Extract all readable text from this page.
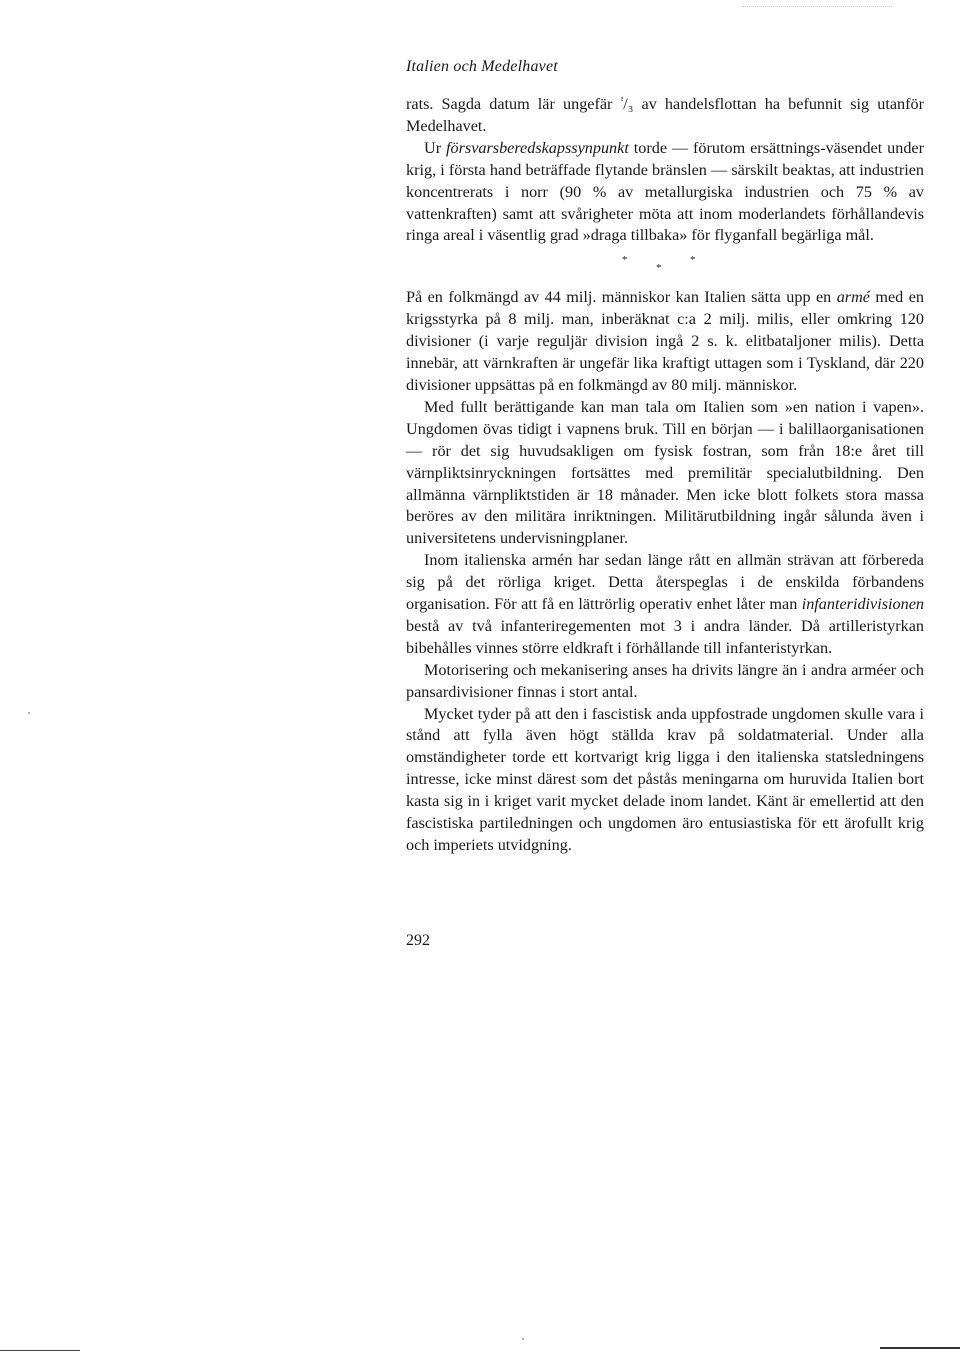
Italien och Medelhavet

rats. Sagda datum lär ungefär $^{^2}$/₃ av handelsflottan ha befunnit sig utanför Medelhavet.

Ur försvarsberedskapssynpunkt torde — förutom ersättnings-väsendet under krig, i första hand beträffade flytande bränslen — särskilt beaktas, att industrien koncentrerats i norr (90 % av metallurgiska industrien och 75 % av vattenkraften) samt att svårigheter möta att inom moderlandets förhållandevis ringa areal i väsentlig grad »draga tillbaka» för flyganfall begärliga mål.

*
*
*

På en folkmängd av 44 milj. människor kan Italien sätta upp en armé med en krigsstyrka på 8 milj. man, inberäknat c:a 2 milj. milis, eller omkring 120 divisioner (i varje reguljär division ingå 2 s. k. elitbataljoner milis). Detta innebär, att värnkraften är ungefär lika kraftigt uttagen som i Tyskland, där 220 divisioner uppsättas på en folkmängd av 80 milj. människor.

Med fullt berättigande kan man tala om Italien som »en nation i vapen». Ungdomen övas tidigt i vapnens bruk. Till en början — i balillaorganisationen — rör det sig huvudsakligen om fysisk fostran, som från 18:e året till värnpliktsinryckningen fortsättes med premilitär specialutbildning. Den allmänna värnpliktstiden är 18 månader. Men icke blott folkets stora massa beröres av den militära inriktningen. Militärutbildning ingår sålunda även i universitetens undervisningplaner.

Inom italienska armén har sedan länge rått en allmän strävan att förbereda sig på det rörliga kriget. Detta återspeglas i de enskilda förbandens organisation. För att få en lättrörlig operativ enhet låter man infanteridivisionen bestå av två infanteriregementen mot 3 i andra länder. Då artilleristyrkan bibehålles vinnes större eldkraft i förhållande till infanteristyrkan.

Motorisering och mekanisering anses ha drivits längre än i andra arméer och pansardivisioner finnas i stort antal.

Mycket tyder på att den i fascistisk anda uppfostrade ungdomen skulle vara i stånd att fylla även högt ställda krav på soldatmaterial. Under alla omständigheter torde ett kortvarigt krig ligga i den italienska statsledningens intresse, icke minst därest som det påstås meningarna om huruvida Italien bort kasta sig in i kriget varit mycket delade inom landet. Känt är emellertid att den fascistiska partiledningen och ungdomen äro entusiastiska för ett ärofullt krig och imperiets utvidgning.

292
